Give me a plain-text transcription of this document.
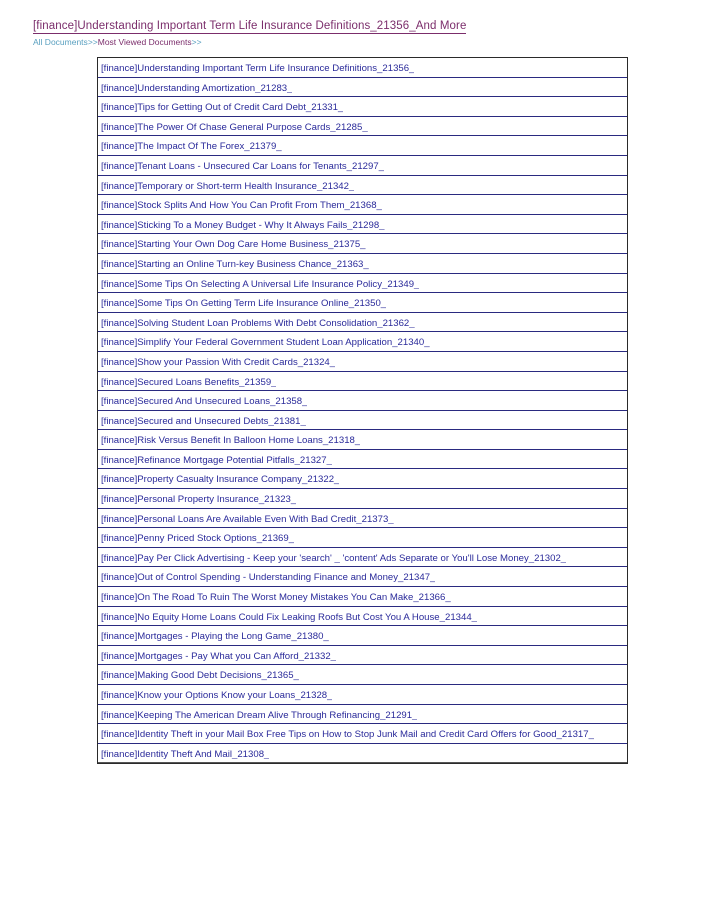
[finance]Understanding Important Term Life Insurance Definitions_21356_And More
All Documents>>Most Viewed Documents>>
[finance]Understanding Important Term Life Insurance Definitions_21356_
[finance]Understanding Amortization_21283_
[finance]Tips for Getting Out of Credit Card Debt_21331_
[finance]The Power Of Chase General Purpose Cards_21285_
[finance]The Impact Of The Forex_21379_
[finance]Tenant Loans - Unsecured Car Loans for Tenants_21297_
[finance]Temporary or Short-term Health Insurance_21342_
[finance]Stock Splits And How You Can Profit From Them_21368_
[finance]Sticking To a Money Budget - Why It Always Fails_21298_
[finance]Starting Your Own Dog Care Home Business_21375_
[finance]Starting an Online Turn-key Business Chance_21363_
[finance]Some Tips On Selecting A Universal Life Insurance Policy_21349_
[finance]Some Tips On Getting Term Life Insurance Online_21350_
[finance]Solving Student Loan Problems With Debt Consolidation_21362_
[finance]Simplify Your Federal Government Student Loan Application_21340_
[finance]Show your Passion With Credit Cards_21324_
[finance]Secured Loans Benefits_21359_
[finance]Secured And Unsecured Loans_21358_
[finance]Secured and Unsecured Debts_21381_
[finance]Risk Versus Benefit In Balloon Home Loans_21318_
[finance]Refinance Mortgage Potential Pitfalls_21327_
[finance]Property Casualty Insurance Company_21322_
[finance]Personal Property Insurance_21323_
[finance]Personal Loans Are Available Even With Bad Credit_21373_
[finance]Penny Priced Stock Options_21369_
[finance]Pay Per Click Advertising - Keep your 'search' _ 'content' Ads Separate or You'll Lose Money_21302_
[finance]Out of Control Spending - Understanding Finance and Money_21347_
[finance]On The Road To Ruin The Worst Money Mistakes You Can Make_21366_
[finance]No Equity Home Loans Could Fix Leaking Roofs But Cost You A House_21344_
[finance]Mortgages - Playing the Long Game_21380_
[finance]Mortgages - Pay What you Can Afford_21332_
[finance]Making Good Debt Decisions_21365_
[finance]Know your Options Know your Loans_21328_
[finance]Keeping The American Dream Alive Through Refinancing_21291_
[finance]Identity Theft in your Mail Box Free Tips on How to Stop Junk Mail and Credit Card Offers for Good_21317_
[finance]Identity Theft And Mail_21308_
